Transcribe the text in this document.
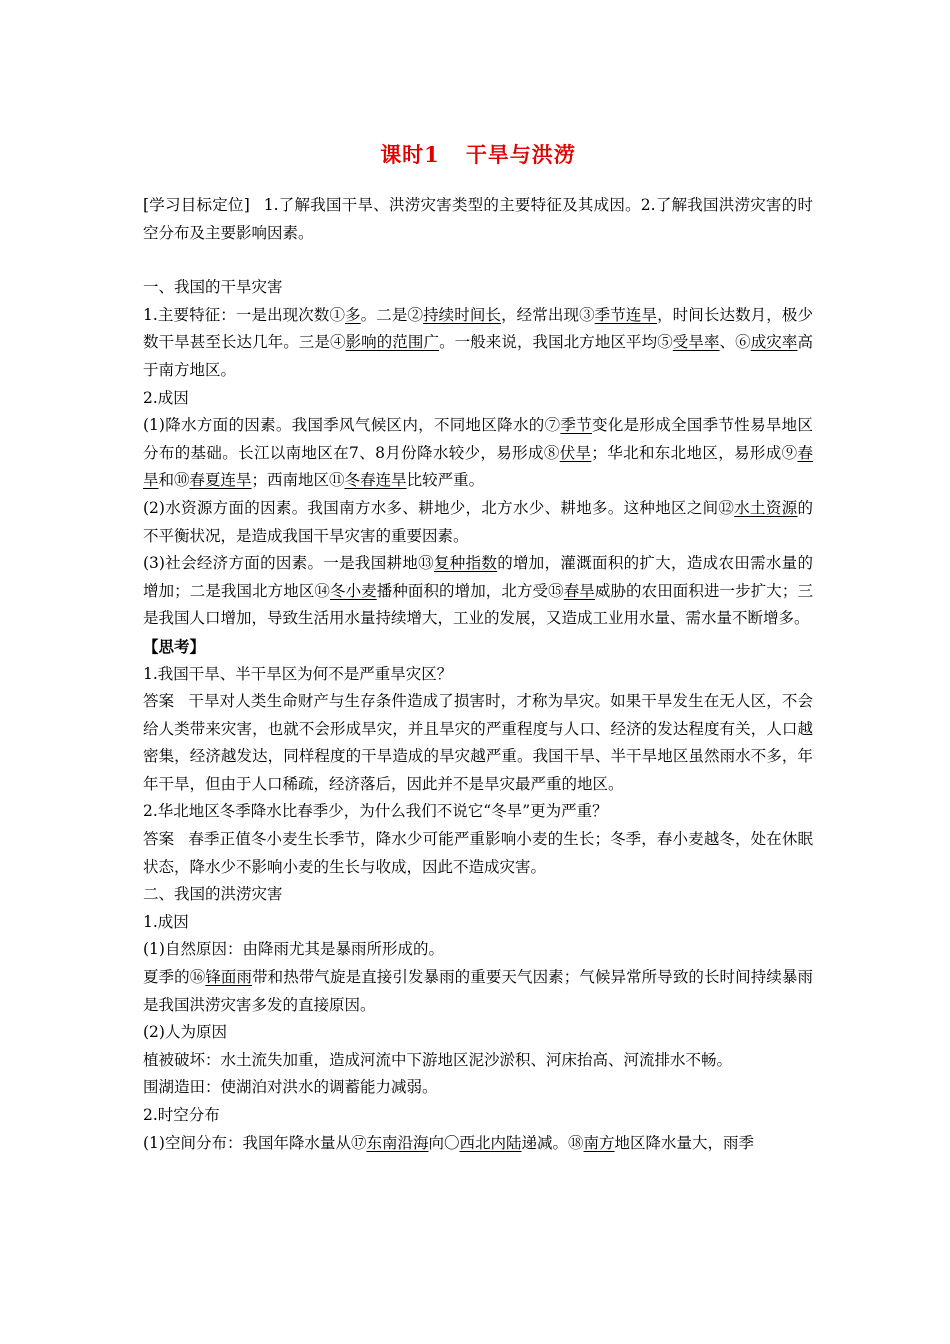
课时1 干旱与洪涝

[学习目标定位] 1.了解我国干旱、洪涝灾害类型的主要特征及其成因。2.了解我国洪涝灾害的时空分布及主要影响因素。

一、我国的干旱灾害

1.主要特征：一是出现次数①多。二是②持续时间长，经常出现③季节连旱，时间长达数月，极少数干旱甚至长达几年。三是④影响的范围广。一般来说，我国北方地区平均⑤受旱率、⑥成灾率高于南方地区。

2.成因

(1)降水方面的因素。我国季风气候区内，不同地区降水的⑦季节变化是形成全国季节性易旱地区分布的基础。长江以南地区在7、8月份降水较少，易形成⑧伏旱；华北和东北地区，易形成⑨春旱和⑩春夏连旱；西南地区⑪冬春连旱比较严重。

(2)水资源方面的因素。我国南方水多、耕地少，北方水少、耕地多。这种地区之间⑫水土资源的不平衡状况，是造成我国干旱灾害的重要因素。

(3)社会经济方面的因素。一是我国耕地⑬复种指数的增加，灌溉面积的扩大，造成农田需水量的增加；二是我国北方地区⑭冬小麦播种面积的增加，北方受⑮春旱威胁的农田面积进一步扩大；三是我国人口增加，导致生活用水量持续增大，工业的发展，又造成工业用水量、需水量不断增多。

【思考】

1.我国干旱、半干旱区为何不是严重旱灾区？

答案 干旱对人类生命财产与生存条件造成了损害时，才称为旱灾。如果干旱发生在无人区，不会给人类带来灾害，也就不会形成旱灾，并且旱灾的严重程度与人口、经济的发达程度有关，人口越密集，经济越发达，同样程度的干旱造成的旱灾越严重。我国干旱、半干旱地区虽然雨水不多，年年干旱，但由于人口稀疏，经济落后，因此并不是旱灾最严重的地区。

2.华北地区冬季降水比春季少，为什么我们不说它“冬旱”更为严重？

答案 春季正值冬小麦生长季节，降水少可能严重影响小麦的生长；冬季，春小麦越冬，处在休眠状态，降水少不影响小麦的生长与收成，因此不造成灾害。

二、我国的洪涝灾害

1.成因

(1)自然原因：由降雨尤其是暴雨所形成的。

夏季的⑯锋面雨带和热带气旋是直接引发暴雨的重要天气因素；气候异常所导致的长时间持续暴雨是我国洪涝灾害多发的直接原因。

(2)人为原因

植被破坏：水土流失加重，造成河流中下游地区泥沙淤积、河床抬高、河流排水不畅。

围湖造田：使湖泊对洪水的调蓄能力减弱。

2.时空分布

(1)空间分布：我国年降水量从⑰东南沿海向〇西北内陆递减。⑱南方地区降水量大，雨季
